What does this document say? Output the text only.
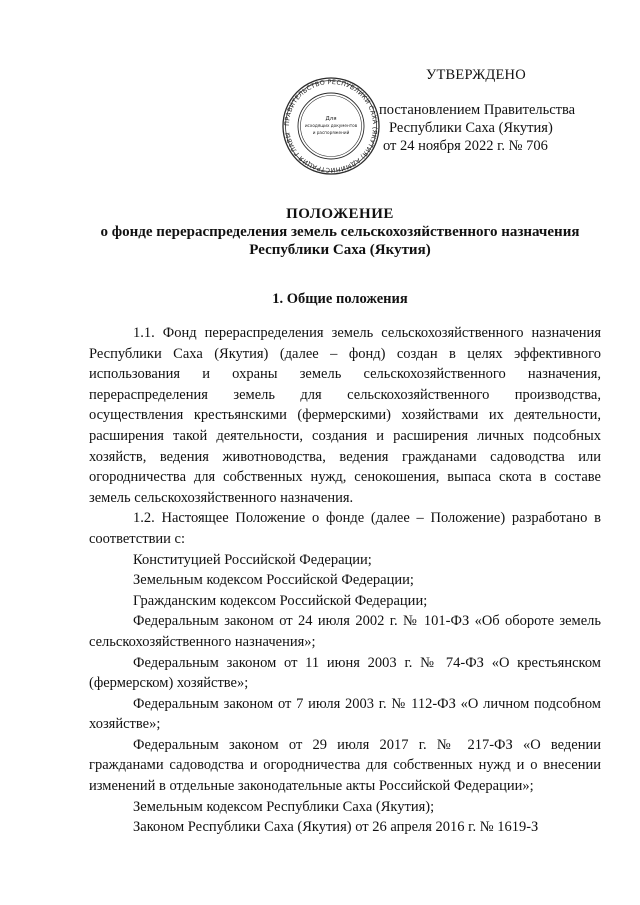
УТВЕРЖДЕНО
постановлением Правительства
Республики Саха (Якутия)
от 24 ноября 2022 г. № 706
ПРАВИТЕЛЬСТВО РЕСПУБЛИКИ САХА (ЯКУТИЯ) АДМИНИСТРАЦИЯ ГЛАВЫ
Для
исходящих документов
и распоряжений
ПОЛОЖЕНИЕ
о фонде перераспределения земель сельскохозяйственного назначения
Республики Саха (Якутия)
1. Общие положения

1.1. Фонд перераспределения земель сельскохозяйственного назначения Республики Саха (Якутия) (далее – фонд) создан в целях эффективного использования и охраны земель сельскохозяйственного назначения, перераспределения земель для сельскохозяйственного производства, осуществления крестьянскими (фермерскими) хозяйствами их деятельности, расширения такой деятельности, создания и расширения личных подсобных хозяйств, ведения животноводства, ведения гражданами садоводства или огородничества для собственных нужд, сенокошения, выпаса скота в составе земель сельскохозяйственного назначения.

1.2. Настоящее Положение о фонде (далее – Положение) разработано в соответствии с:

Конституцией Российской Федерации;

Земельным кодексом Российской Федерации;

Гражданским кодексом Российской Федерации;

Федеральным законом от 24 июля 2002 г. № 101-ФЗ «Об обороте земель сельскохозяйственного назначения»;

Федеральным законом от 11 июня 2003 г. № 74-ФЗ «О крестьянском (фермерском) хозяйстве»;

Федеральным законом от 7 июля 2003 г. № 112-ФЗ «О личном подсобном хозяйстве»;

Федеральным законом от 29 июля 2017 г. № 217-ФЗ «О ведении гражданами садоводства и огородничества для собственных нужд и о внесении изменений в отдельные законодательные акты Российской Федерации»;

Земельным кодексом Республики Саха (Якутия);

Законом Республики Саха (Якутия) от 26 апреля 2016 г. № 1619-З
